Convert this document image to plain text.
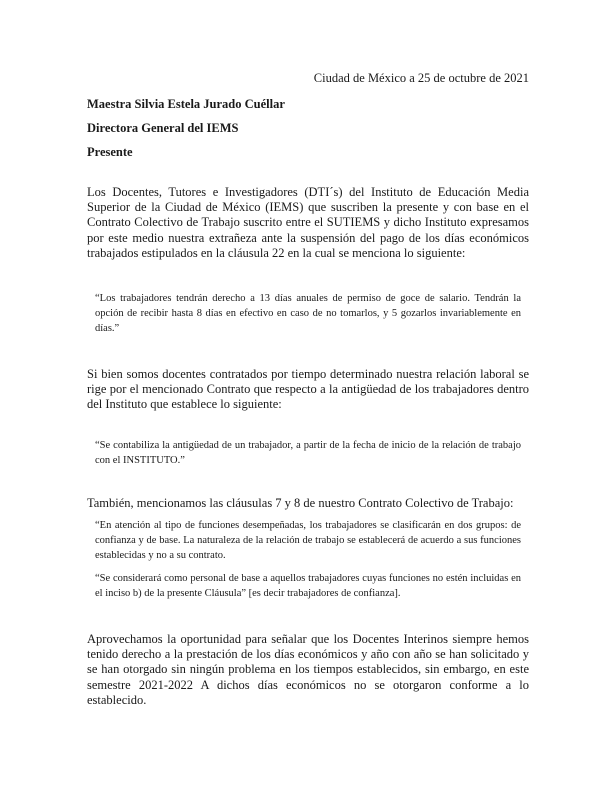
Ciudad de México a 25 de octubre de 2021
Maestra Silvia Estela Jurado Cuéllar
Directora General del IEMS
Presente

Los Docentes, Tutores e Investigadores (DTI´s) del Instituto de Educación Media Superior de la Ciudad de México (IEMS) que suscriben la presente y con base en el Contrato Colectivo de Trabajo suscrito entre el SUTIEMS y dicho Instituto expresamos por este medio nuestra extrañeza ante la suspensión del pago de los días económicos trabajados estipulados en la cláusula 22 en la cual se menciona lo siguiente:

“Los trabajadores tendrán derecho a 13 días anuales de permiso de goce de salario. Tendrán la opción de recibir hasta 8 días en efectivo en caso de no tomarlos, y 5 gozarlos invariablemente en días.”

Si bien somos docentes contratados por tiempo determinado nuestra relación laboral se rige por el mencionado Contrato que respecto a la antigüedad de los trabajadores dentro del Instituto que establece lo siguiente:

“Se contabiliza la antigüedad de un trabajador, a partir de la fecha de inicio de la relación de trabajo con el INSTITUTO.”

También, mencionamos las cláusulas 7 y 8 de nuestro Contrato Colectivo de Trabajo:

“En atención al tipo de funciones desempeñadas, los trabajadores se clasificarán en dos grupos: de confianza y de base. La naturaleza de la relación de trabajo se establecerá de acuerdo a sus funciones establecidas y no a su contrato.

“Se considerará como personal de base a aquellos trabajadores cuyas funciones no estén incluidas en el inciso b) de la presente Cláusula” [es decir trabajadores de confianza].

Aprovechamos la oportunidad para señalar que los Docentes Interinos siempre hemos tenido derecho a la prestación de los días económicos y año con año se han solicitado y se han otorgado sin ningún problema en los tiempos establecidos, sin embargo, en este semestre 2021-2022 A dichos días económicos no se otorgaron conforme a lo establecido.
